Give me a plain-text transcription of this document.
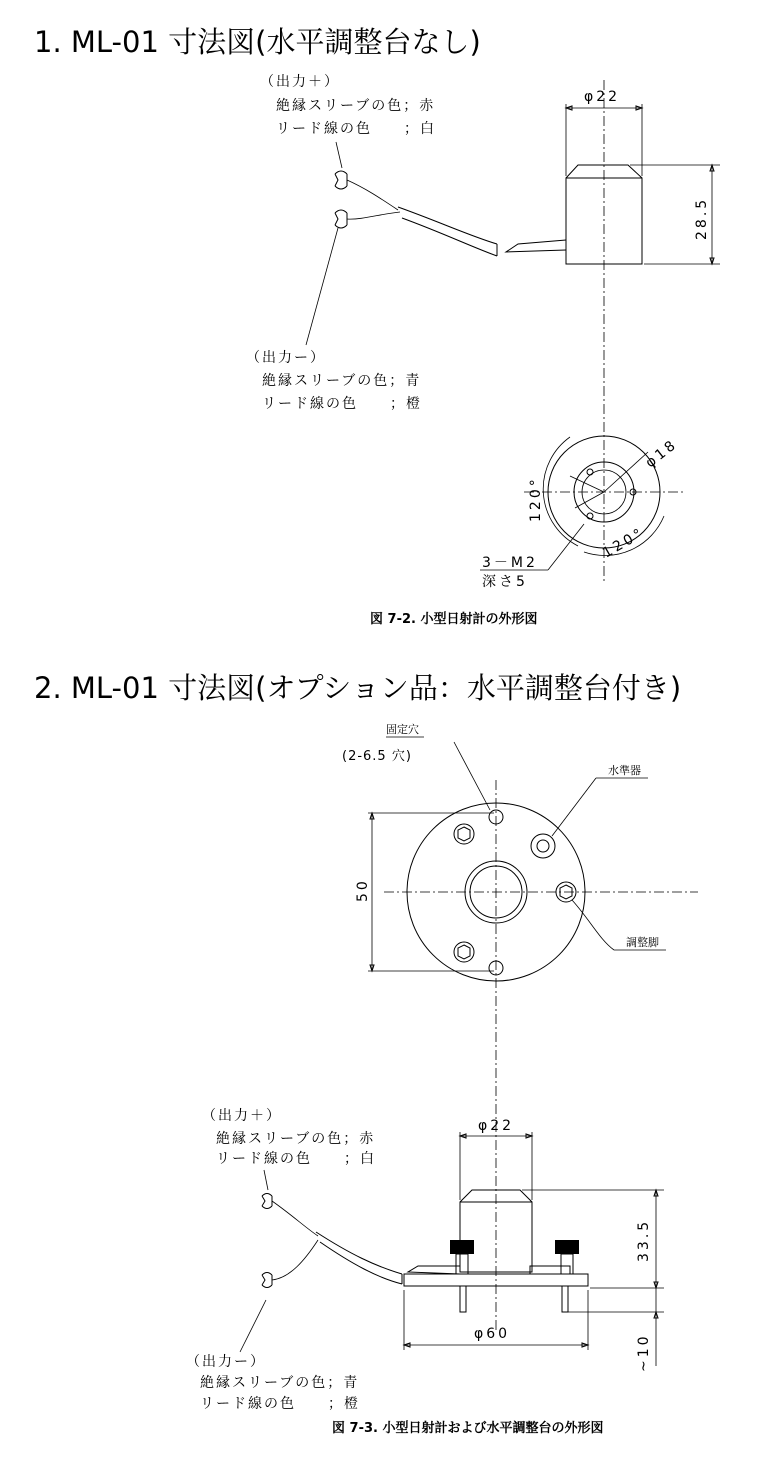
（出力＋）
絶縁スリーブの色；赤
リード線の色　　；白
（出力ー）
絶縁スリーブの色；青
リード線の色　　；橙
φ22
28.5
φ18
120°
120°
3－M2
深さ5
固定穴
(2-6.5 穴)
水準器
調整脚
50
（出力＋）
絶縁スリーブの色；赤
リード線の色　　；白
（出力ー）
絶縁スリーブの色；青
リード線の色　　；橙
φ22
33.5
φ60	~10
1. ML-01 寸法図(水平調整台なし)
図 7-2. 小型日射計の外形図
2. ML-01 寸法図(オプション品：水平調整台付き)
図 7-3. 小型日射計および水平調整台の外形図
